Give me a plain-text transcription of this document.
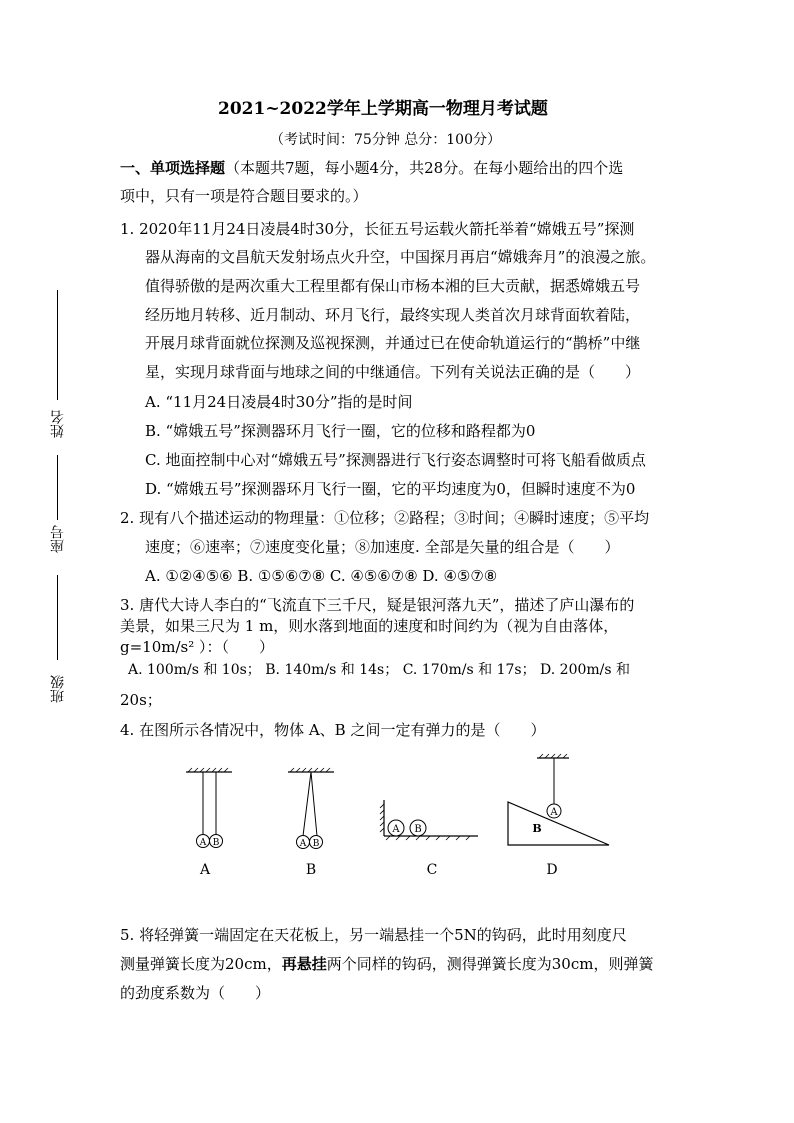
2021~2022学年上学期高一物理月考试题
（考试时间：75分钟 总分：100分）
一、单项选择题（本题共7题，每小题4分，共28分。在每小题给出的四个选
项中，只有一项是符合题目要求的。）
1. 2020年11月24日凌晨4时30分，长征五号运载火箭托举着“嫦娥五号”探测
器从海南的文昌航天发射场点火升空，中国探月再启“嫦娥奔月”的浪漫之旅。
值得骄傲的是两次重大工程里都有保山市杨本湘的巨大贡献，据悉嫦娥五号
经历地月转移、近月制动、环月飞行，最终实现人类首次月球背面软着陆，
开展月球背面就位探测及巡视探测，并通过已在使命轨道运行的“鹊桥”中继
星，实现月球背面与地球之间的中继通信。下列有关说法正确的是（　　）
A. “11月24日凌晨4时30分”指的是时间
B. “嫦娥五号”探测器环月飞行一圈，它的位移和路程都为0
C. 地面控制中心对“嫦娥五号”探测器进行飞行姿态调整时可将飞船看做质点
D. “嫦娥五号”探测器环月飞行一圈，它的平均速度为0，但瞬时速度不为0
2. 现有八个描述运动的物理量：①位移；②路程；③时间；④瞬时速度；⑤平均
速度；⑥速率；⑦速度变化量；⑧加速度. 全部是矢量的组合是（　　）
A. ①②④⑤⑥ B. ①⑤⑥⑦⑧ C. ④⑤⑥⑦⑧ D. ④⑤⑦⑧
3. 唐代大诗人李白的“飞流直下三千尺，疑是银河落九天”，描述了庐山瀑布的
美景，如果三尺为 1 m，则水落到地面的速度和时间约为（视为自由落体，
g=10m/s² ）：（　　）
A. 100m/s 和 10s； B. 140m/s 和 14s； C. 170m/s 和 17s； D. 200m/s 和
20s；
4. 在图所示各情况中，物体 A、B 之间一定有弹力的是（　　）
A B
A
A B
B
A B
C
A
B
D
5. 将轻弹簧一端固定在天花板上，另一端悬挂一个5N的钩码，此时用刻度尺
测量弹簧长度为20cm，再悬挂两个同样的钩码，测得弹簧长度为30cm，则弹簧
的劲度系数为（　　）
姓名
座号
班级
